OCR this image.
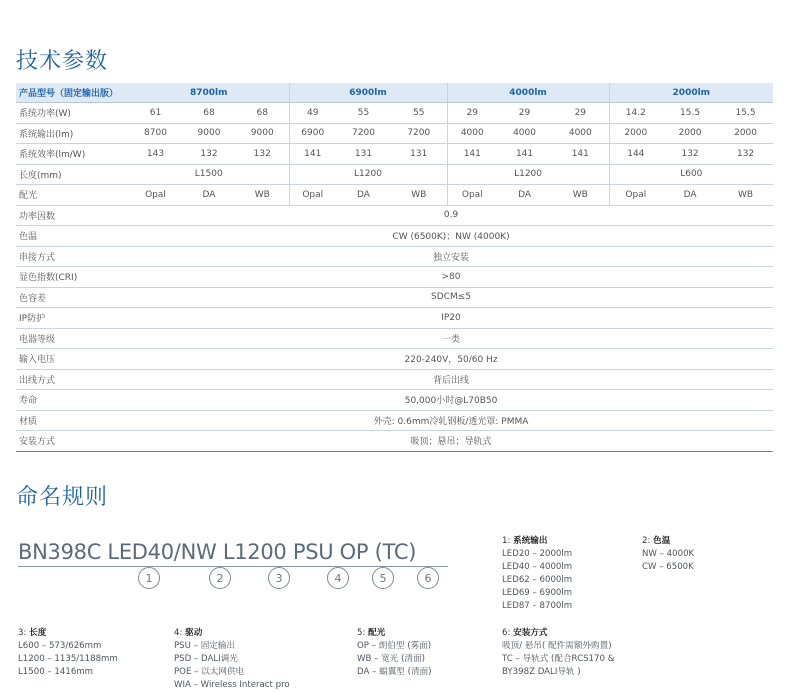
技术参数
产品型号（固定输出版）	8700lm			6900lm			4000lm			2000lm		
系统功率(W)	61	68	68	49	55	55	29	29	29	14.2	15.5	15.5
系统输出(lm)	8700	9000	9000	6900	7200	7200	4000	4000	4000	2000	2000	2000
系统效率(lm/W)	143	132	132	141	131	131	141	141	141	144	132	132
长度(mm)	L1500			L1200			L1200			L600		
配光	Opal	DA	WB	Opal	DA	WB	Opal	DA	WB	Opal	DA	WB
功率因数	0.9											
色温	CW (6500K)；NW (4000K)											
串接方式	独立安装											
显色指数(CRI)	>80											
色容差	SDCM≤5											
IP防护	IP20											
电器等级	一类											
输入电压	220-240V，50/60 Hz											
出线方式	背后出线											
寿命	50,000小时@L70B50											
材质	外壳: 0.6mm冷轧钢板/透光罩: PMMA											
安装方式	吸顶；悬吊；导轨式											
命名规则
BN398C LED40/NW L1200 PSU OP (TC)
1	2	3	4	5	6
1: 系统输出
LED20 – 2000lm
LED40 – 4000lm
LED62 – 6000lm
LED69 – 6900lm
LED87 – 8700lm
2: 色温
NW – 4000K
CW – 6500K
3: 长度
L600 – 573/626mm
L1200 – 1135/1188mm
L1500 – 1416mm
4: 驱动
PSU – 固定输出
PSD – DALI调光
POE – 以太网供电
WIA – Wireless Interact pro
5: 配光
OP – 朗伯型 (雾面)
WB – 宽光 (清面)
DA – 蝠翼型 (清面)
6: 安装方式
吸顶/ 悬吊( 配件需额外购置)
TC – 导轨式 (配合RCS170 &
BY398Z DALI导轨 )
